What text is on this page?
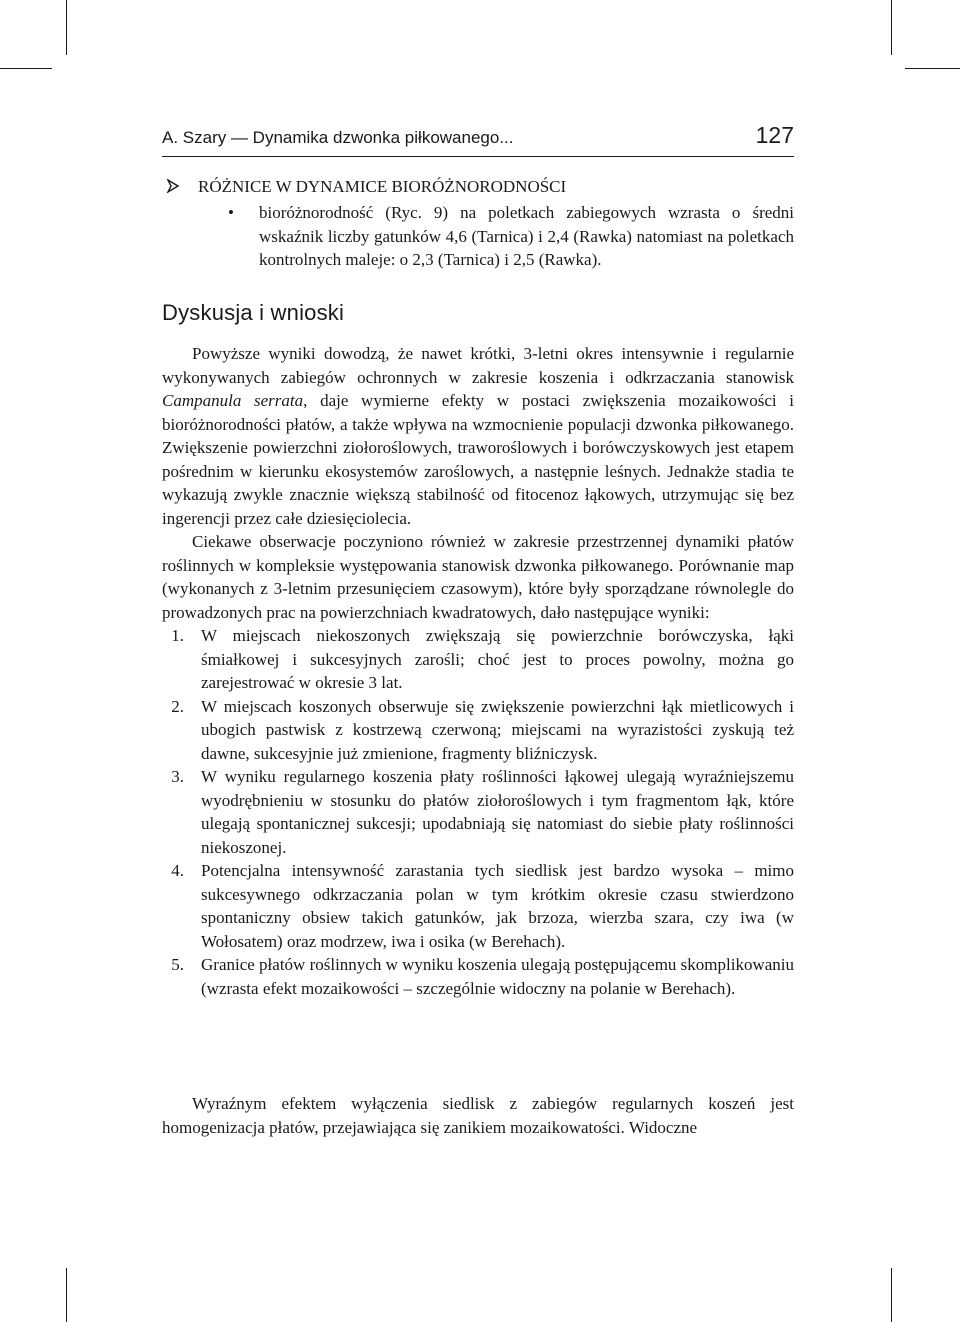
A. Szary — Dynamika dzwonka piłkowanego...	127
RÓŻNICE W DYNAMICE BIORÓŻNORODNOŚCI
• bioróżnorodność (Ryc. 9) na poletkach zabiegowych wzrasta o średni wskaźnik liczby gatunków 4,6 (Tarnica) i 2,4 (Rawka) natomiast na poletkach kontrolnych maleje: o 2,3 (Tarnica) i 2,5 (Rawka).
Dyskusja i wnioski

Powyższe wyniki dowodzą, że nawet krótki, 3-letni okres intensywnie i regularnie wykonywanych zabiegów ochronnych w zakresie koszenia i odkrzaczania stanowisk Campanula serrata, daje wymierne efekty w postaci zwiększenia mozaikowości i bioróżnorodności płatów, a także wpływa na wzmocnienie populacji dzwonka piłkowanego. Zwiększenie powierzchni ziołoroślowych, traworoślowych i borówczyskowych jest etapem pośrednim w kierunku ekosystemów zaroślowych, a następnie leśnych. Jednakże stadia te wykazują zwykle znacznie większą stabilność od fitocenoz łąkowych, utrzymując się bez ingerencji przez całe dziesięciolecia.

Ciekawe obserwacje poczyniono również w zakresie przestrzennej dynamiki płatów roślinnych w kompleksie występowania stanowisk dzwonka piłkowanego. Porównanie map (wykonanych z 3-letnim przesunięciem czasowym), które były sporządzane równolegle do prowadzonych prac na powierzchniach kwadratowych, dało następujące wyniki:

1. W miejscach niekoszonych zwiększają się powierzchnie borówczyska, łąki śmiałkowej i sukcesyjnych zarośli; choć jest to proces powolny, można go zarejestrować w okresie 3 lat.
2. W miejscach koszonych obserwuje się zwiększenie powierzchni łąk mietlicowych i ubogich pastwisk z kostrzewą czerwoną; miejscami na wyrazistości zyskują też dawne, sukcesyjnie już zmienione, fragmenty bliźniczysk.
3. W wyniku regularnego koszenia płaty roślinności łąkowej ulegają wyraźniejszemu wyodrębnieniu w stosunku do płatów ziołoroślowych i tym fragmentom łąk, które ulegają spontanicznej sukcesji; upodabniają się natomiast do siebie płaty roślinności niekoszonej.
4. Potencjalna intensywność zarastania tych siedlisk jest bardzo wysoka – mimo sukcesywnego odkrzaczania polan w tym krótkim okresie czasu stwierdzono spontaniczny obsiew takich gatunków, jak brzoza, wierzba szara, czy iwa (w Wołosatem) oraz modrzew, iwa i osika (w Berehach).
5. Granice płatów roślinnych w wyniku koszenia ulegają postępującemu skomplikowaniu (wzrasta efekt mozaikowości – szczególnie widoczny na polanie w Berehach).

Wyraźnym efektem wyłączenia siedlisk z zabiegów regularnych koszeń jest homogenizacja płatów, przejawiająca się zanikiem mozaikowatości. Widoczne
